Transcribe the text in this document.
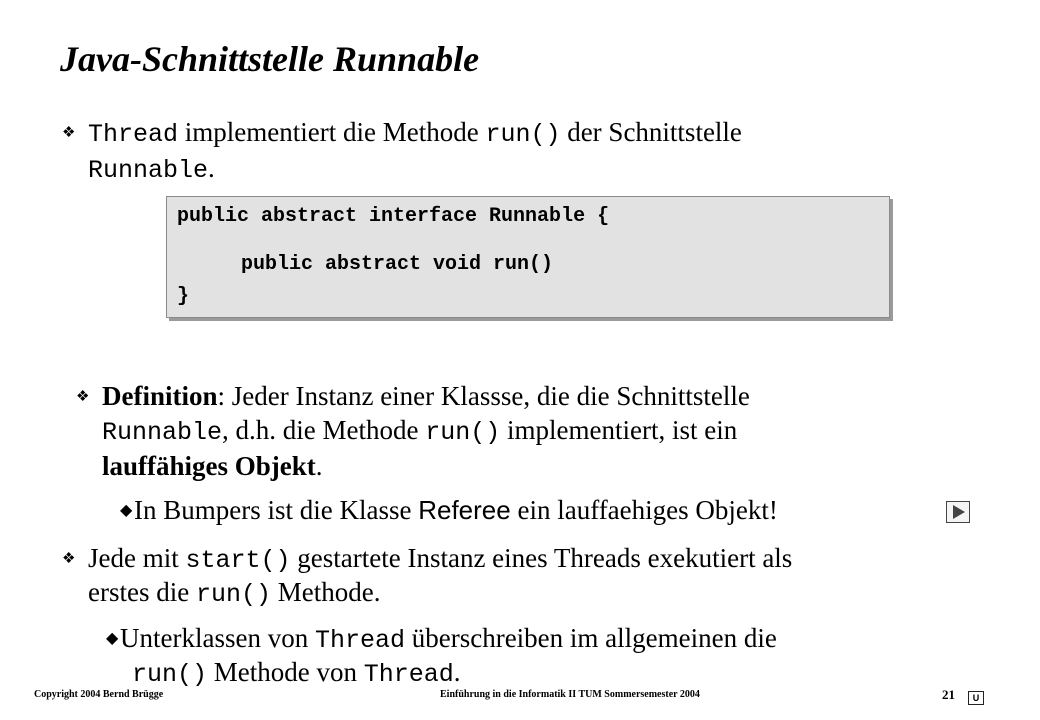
Java-Schnittstelle Runnable
❖ Thread implementiert die Methode run() der Schnittstelle
Runnable.
public abstract interface Runnable {
public abstract void run()
}
❖ Definition: Jeder Instanz einer Klassse, die die Schnittstelle
Runnable, d.h. die Methode run() implementiert, ist ein
lauffähiges Objekt.
◆In Bumpers ist die Klasse Referee ein lauffaehiges Objekt!
❖ Jede mit start() gestartete Instanz eines Threads exekutiert als
erstes die run() Methode.
◆Unterklassen von Thread überschreiben im allgemeinen die
run() Methode von Thread.
Copyright 2004 Bernd Brügge	Einführung in die Informatik II TUM Sommersemester 2004	21	U
